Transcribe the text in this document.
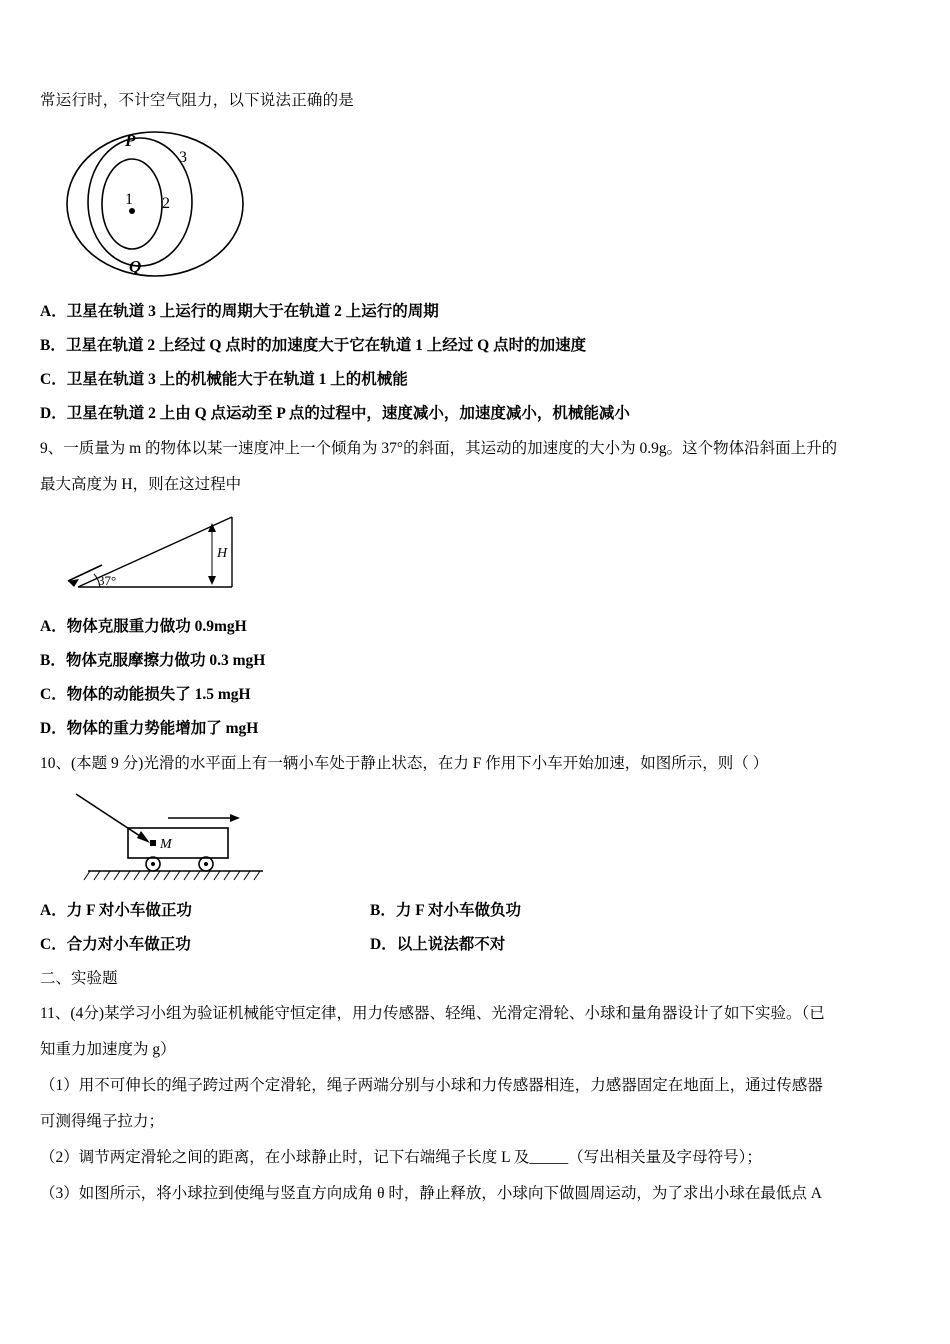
常运行时，不计空气阻力，以下说法正确的是

P
Q
1 2
3

A．卫星在轨道 3 上运行的周期大于在轨道 2 上运行的周期

B．卫星在轨道 2 上经过 Q 点时的加速度大于它在轨道 1 上经过 Q 点时的加速度

C．卫星在轨道 3 上的机械能大于在轨道 1 上的机械能

D．卫星在轨道 2 上由 Q 点运动至 P 点的过程中，速度减小，加速度减小，机械能减小

9、一质量为 m 的物体以某一速度冲上一个倾角为 37°的斜面，其运动的加速度的大小为 0.9g。这个物体沿斜面上升的

最大高度为 H，则在这过程中

37°
H

A．物体克服重力做功 0.9mgH

B．物体克服摩擦力做功 0.3 mgH

C．物体的动能损失了 1.5 mgH

D．物体的重力势能增加了 mgH

10、(本题 9 分)光滑的水平面上有一辆小车处于静止状态，在力 F 作用下小车开始加速，如图所示，则（ ）

M
A．力 F 对小车做正功	B．力 F 对小车做负功
C．合力对小车做正功	D．以上说法都不对

二、实验题

11、(4分)某学习小组为验证机械能守恒定律，用力传感器、轻绳、光滑定滑轮、小球和量角器设计了如下实验。（已

知重力加速度为 g）

（1）用不可伸长的绳子跨过两个定滑轮，绳子两端分别与小球和力传感器相连，力感器固定在地面上，通过传感器

可测得绳子拉力；

（2）调节两定滑轮之间的距离，在小球静止时，记下右端绳子长度 L 及_____（写出相关量及字母符号）；

（3）如图所示，将小球拉到使绳与竖直方向成角 θ 时，静止释放，小球向下做圆周运动，为了求出小球在最低点 A
